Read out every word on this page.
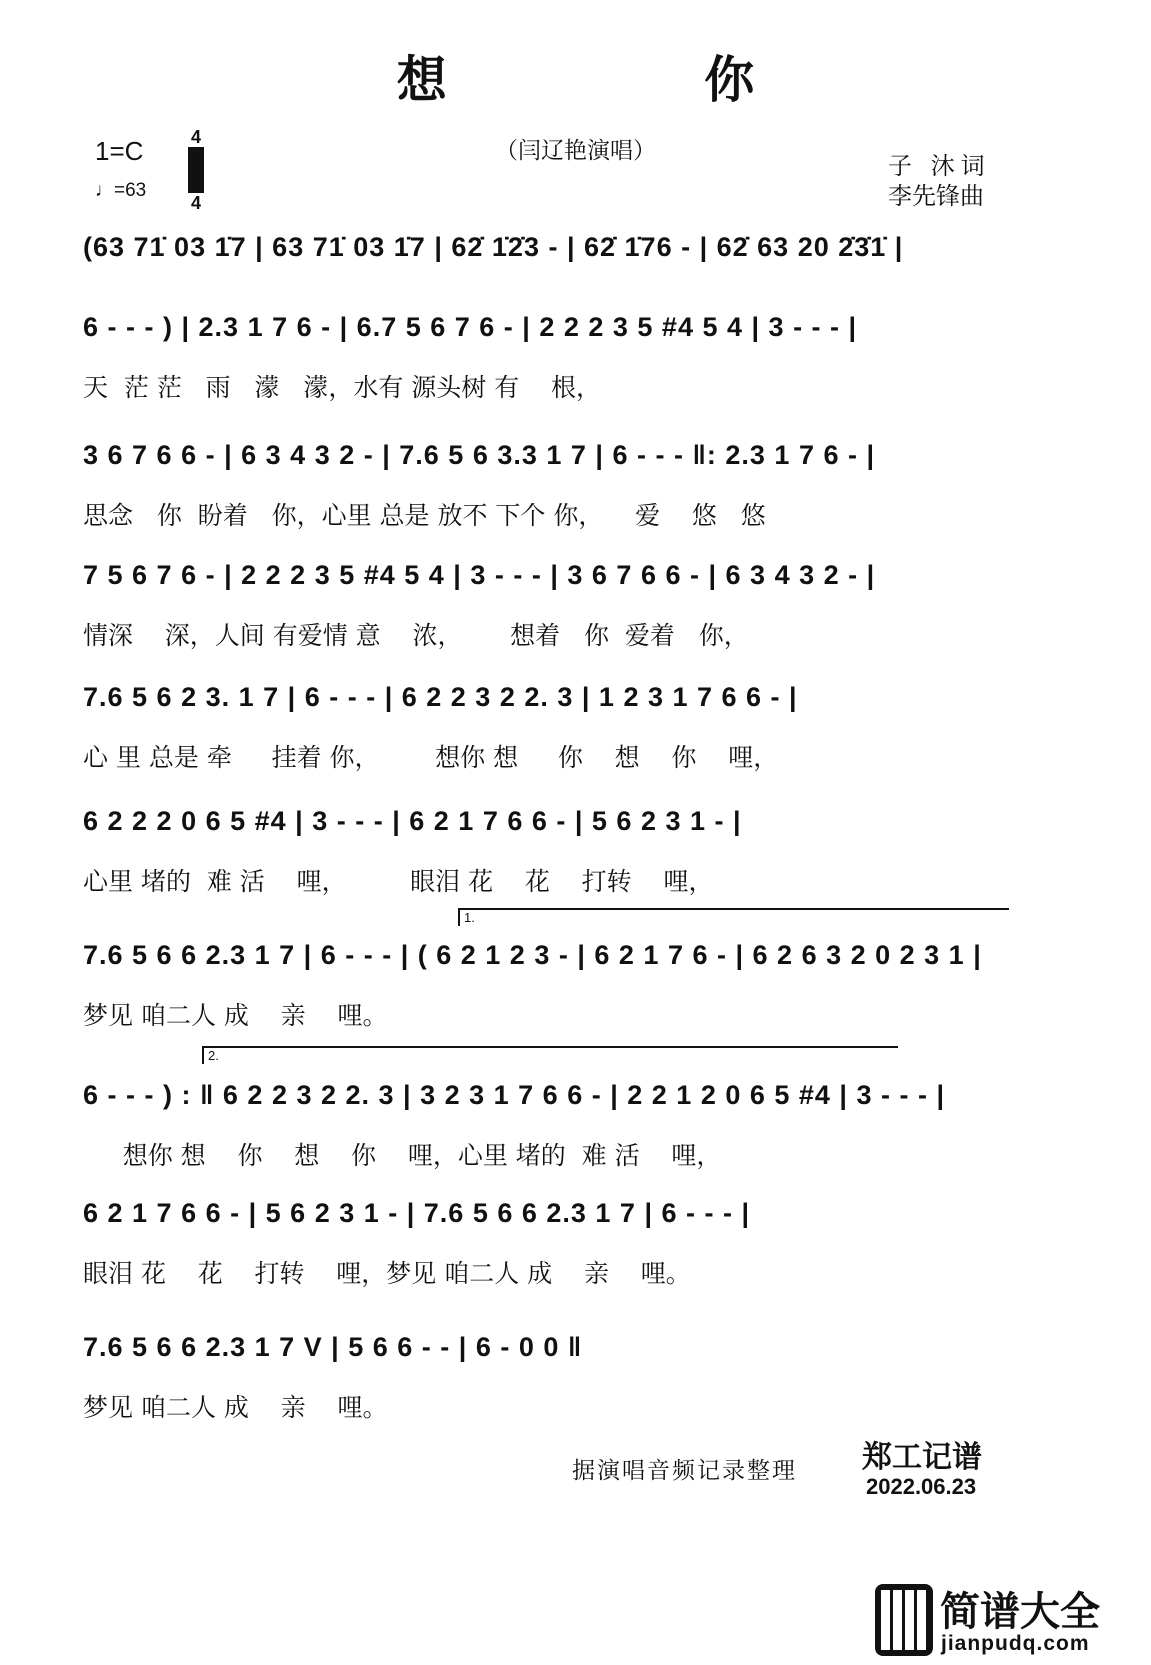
想 你
（闫辽艳演唱）
1=C	4
4
♩=63
子 沐词
李先锋曲
(63 71̇ 03 1̇7 | 63 71̇ 03 1̇7 | 62̇ 1̇2̇3 - | 62̇ 1̇76 - | 62̇ 63 20 2̇3̇1̇ |
6 - - - ) | 2.3 1 7 6 - | 6.7 5 6 7 6 - | 2 2 2 3 5 #4 5 4 | 3 - - - |
天  茫 茫   雨   濛   濛，水有 源头树 有    根，
3 6 7 6 6 - | 6 3 4 3 2 - | 7.6 5 6 3.3 1 7 | 6 - - - ‖: 2.3 1 7 6 - |
思念   你  盼着   你，心里 总是 放不 下个 你，    爱    悠   悠
7 5 6 7 6 - | 2 2 2 3 5 #4 5 4 | 3 - - - | 3 6 7 6 6 - | 6 3 4 3 2 - |
情深    深，人间 有爱情 意    浓，      想着   你  爱着   你，
7.6 5 6 2 3. 1 7 | 6 - - - | 6 2 2 3 2 2. 3 | 1 2 3 1 7 6 6 - |
心 里 总是 牵     挂着 你，       想你 想     你    想    你    哩，
6 2 2 2 0 6 5 #4 | 3 - - - | 6 2 1 7 6 6 - | 5 6 2 3 1 - |
心里 堵的  难 活    哩，        眼泪 花    花    打转    哩，
7.6 5 6 6 2.3 1 7 | 6 - - - | ( 6 2 1 2 3 - | 6 2 1 7 6 - | 6 2 6 3 2 0 2 3 1 |
梦见 咱二人 成    亲    哩。
6 - - - ) : ‖ 6 2 2 3 2 2. 3 | 3 2 3 1 7 6 6 - | 2 2 1 2 0 6 5 #4 | 3 - - - |
想你 想    你    想    你    哩，心里 堵的  难 活    哩，
6 2 1 7 6 6 - | 5 6 2 3 1 - | 7.6 5 6 6 2.3 1 7 | 6 - - - |
眼泪 花    花    打转    哩，梦见 咱二人 成    亲    哩。
7.6 5 6 6 2.3 1 7 V | 5 6 6 - - | 6 - 0 0 ‖
梦见 咱二人 成    亲    哩。
1.
2.
据演唱音频记录整理 郑工记谱
2022.06.23
简谱大全
jianpudq.com
